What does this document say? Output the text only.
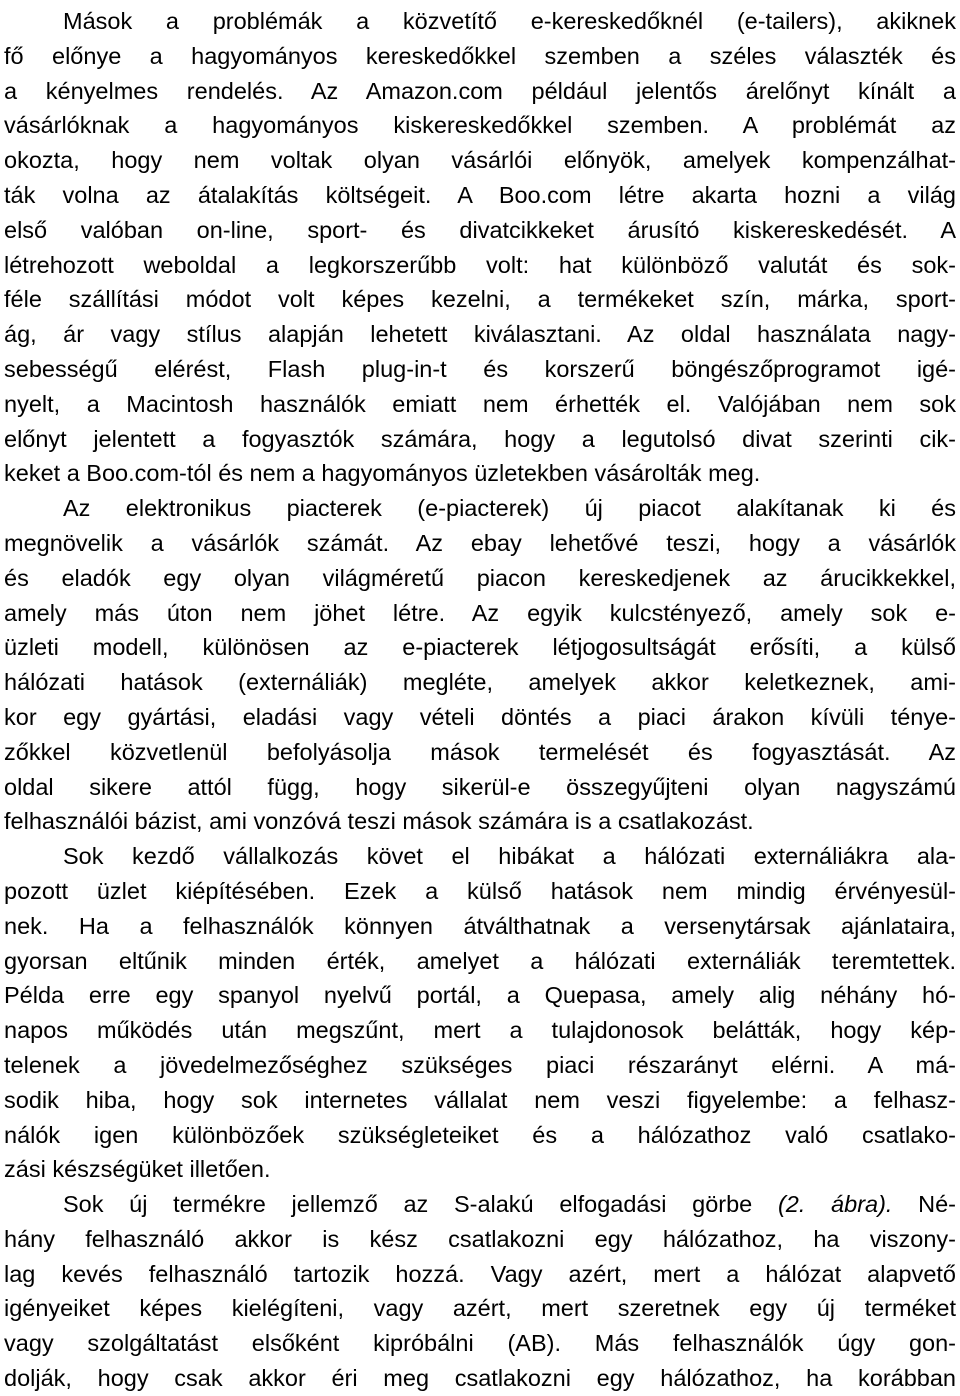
Mások a problémák a közvetítő e-kereskedőknél (e-tailers), akiknek
fő előnye a hagyományos kereskedőkkel szemben a széles választék és
a kényelmes rendelés. Az Amazon.com például jelentős árelőnyt kínált a
vásárlóknak a hagyományos kiskereskedőkkel szemben. A problémát az
okozta, hogy nem voltak olyan vásárlói előnyök, amelyek kompenzálhat-
ták volna az átalakítás költségeit. A Boo.com létre akarta hozni a világ
első valóban on-line, sport- és divatcikkeket árusító kiskereskedését. A
létrehozott weboldal a legkorszerűbb volt: hat különböző valutát és sok-
féle szállítási módot volt képes kezelni, a termékeket szín, márka, sport-
ág, ár vagy stílus alapján lehetett kiválasztani. Az oldal használata nagy-
sebességű elérést, Flash plug-in-t és korszerű böngészőprogramot igé-
nyelt, a Macintosh használók emiatt nem érhették el. Valójában nem sok
előnyt jelentett a fogyasztók számára, hogy a legutolsó divat szerinti cik-
keket a Boo.com-tól és nem a hagyományos üzletekben vásárolták meg.
Az elektronikus piacterek (e-piacterek) új piacot alakítanak ki és
megnövelik a vásárlók számát. Az ebay lehetővé teszi, hogy a vásárlók
és eladók egy olyan világméretű piacon kereskedjenek az árucikkekkel,
amely más úton nem jöhet létre. Az egyik kulcstényező, amely sok e-
üzleti modell, különösen az e-piacterek létjogosultságát erősíti, a külső
hálózati hatások (externáliák) megléte, amelyek akkor keletkeznek, ami-
kor egy gyártási, eladási vagy vételi döntés a piaci árakon kívüli ténye-
zőkkel közvetlenül befolyásolja mások termelését és fogyasztását. Az
oldal sikere attól függ, hogy sikerül-e összegyűjteni olyan nagyszámú
felhasználói bázist, ami vonzóvá teszi mások számára is a csatlakozást.
Sok kezdő vállalkozás követ el hibákat a hálózati externáliákra ala-
pozott üzlet kiépítésében. Ezek a külső hatások nem mindig érvényesül-
nek. Ha a felhasználók könnyen átválthatnak a versenytársak ajánlataira,
gyorsan eltűnik minden érték, amelyet a hálózati externáliák teremtettek.
Példa erre egy spanyol nyelvű portál, a Quepasa, amely alig néhány hó-
napos működés után megszűnt, mert a tulajdonosok belátták, hogy kép-
telenek a jövedelmezőséghez szükséges piaci részarányt elérni. A má-
sodik hiba, hogy sok internetes vállalat nem veszi figyelembe: a felhasz-
nálók igen különbözőek szükségleteiket és a hálózathoz való csatlako-
zási készségüket illetően.
Sok új termékre jellemző az S-alakú elfogadási görbe (2. ábra). Né-
hány felhasználó akkor is kész csatlakozni egy hálózathoz, ha viszony-
lag kevés felhasználó tartozik hozzá. Vagy azért, mert a hálózat alapvető
igényeiket képes kielégíteni, vagy azért, mert szeretnek egy új terméket
vagy szolgáltatást elsőként kipróbálni (AB). Más felhasználók úgy gon-
dolják, hogy csak akkor éri meg csatlakozni egy hálózathoz, ha korábban
